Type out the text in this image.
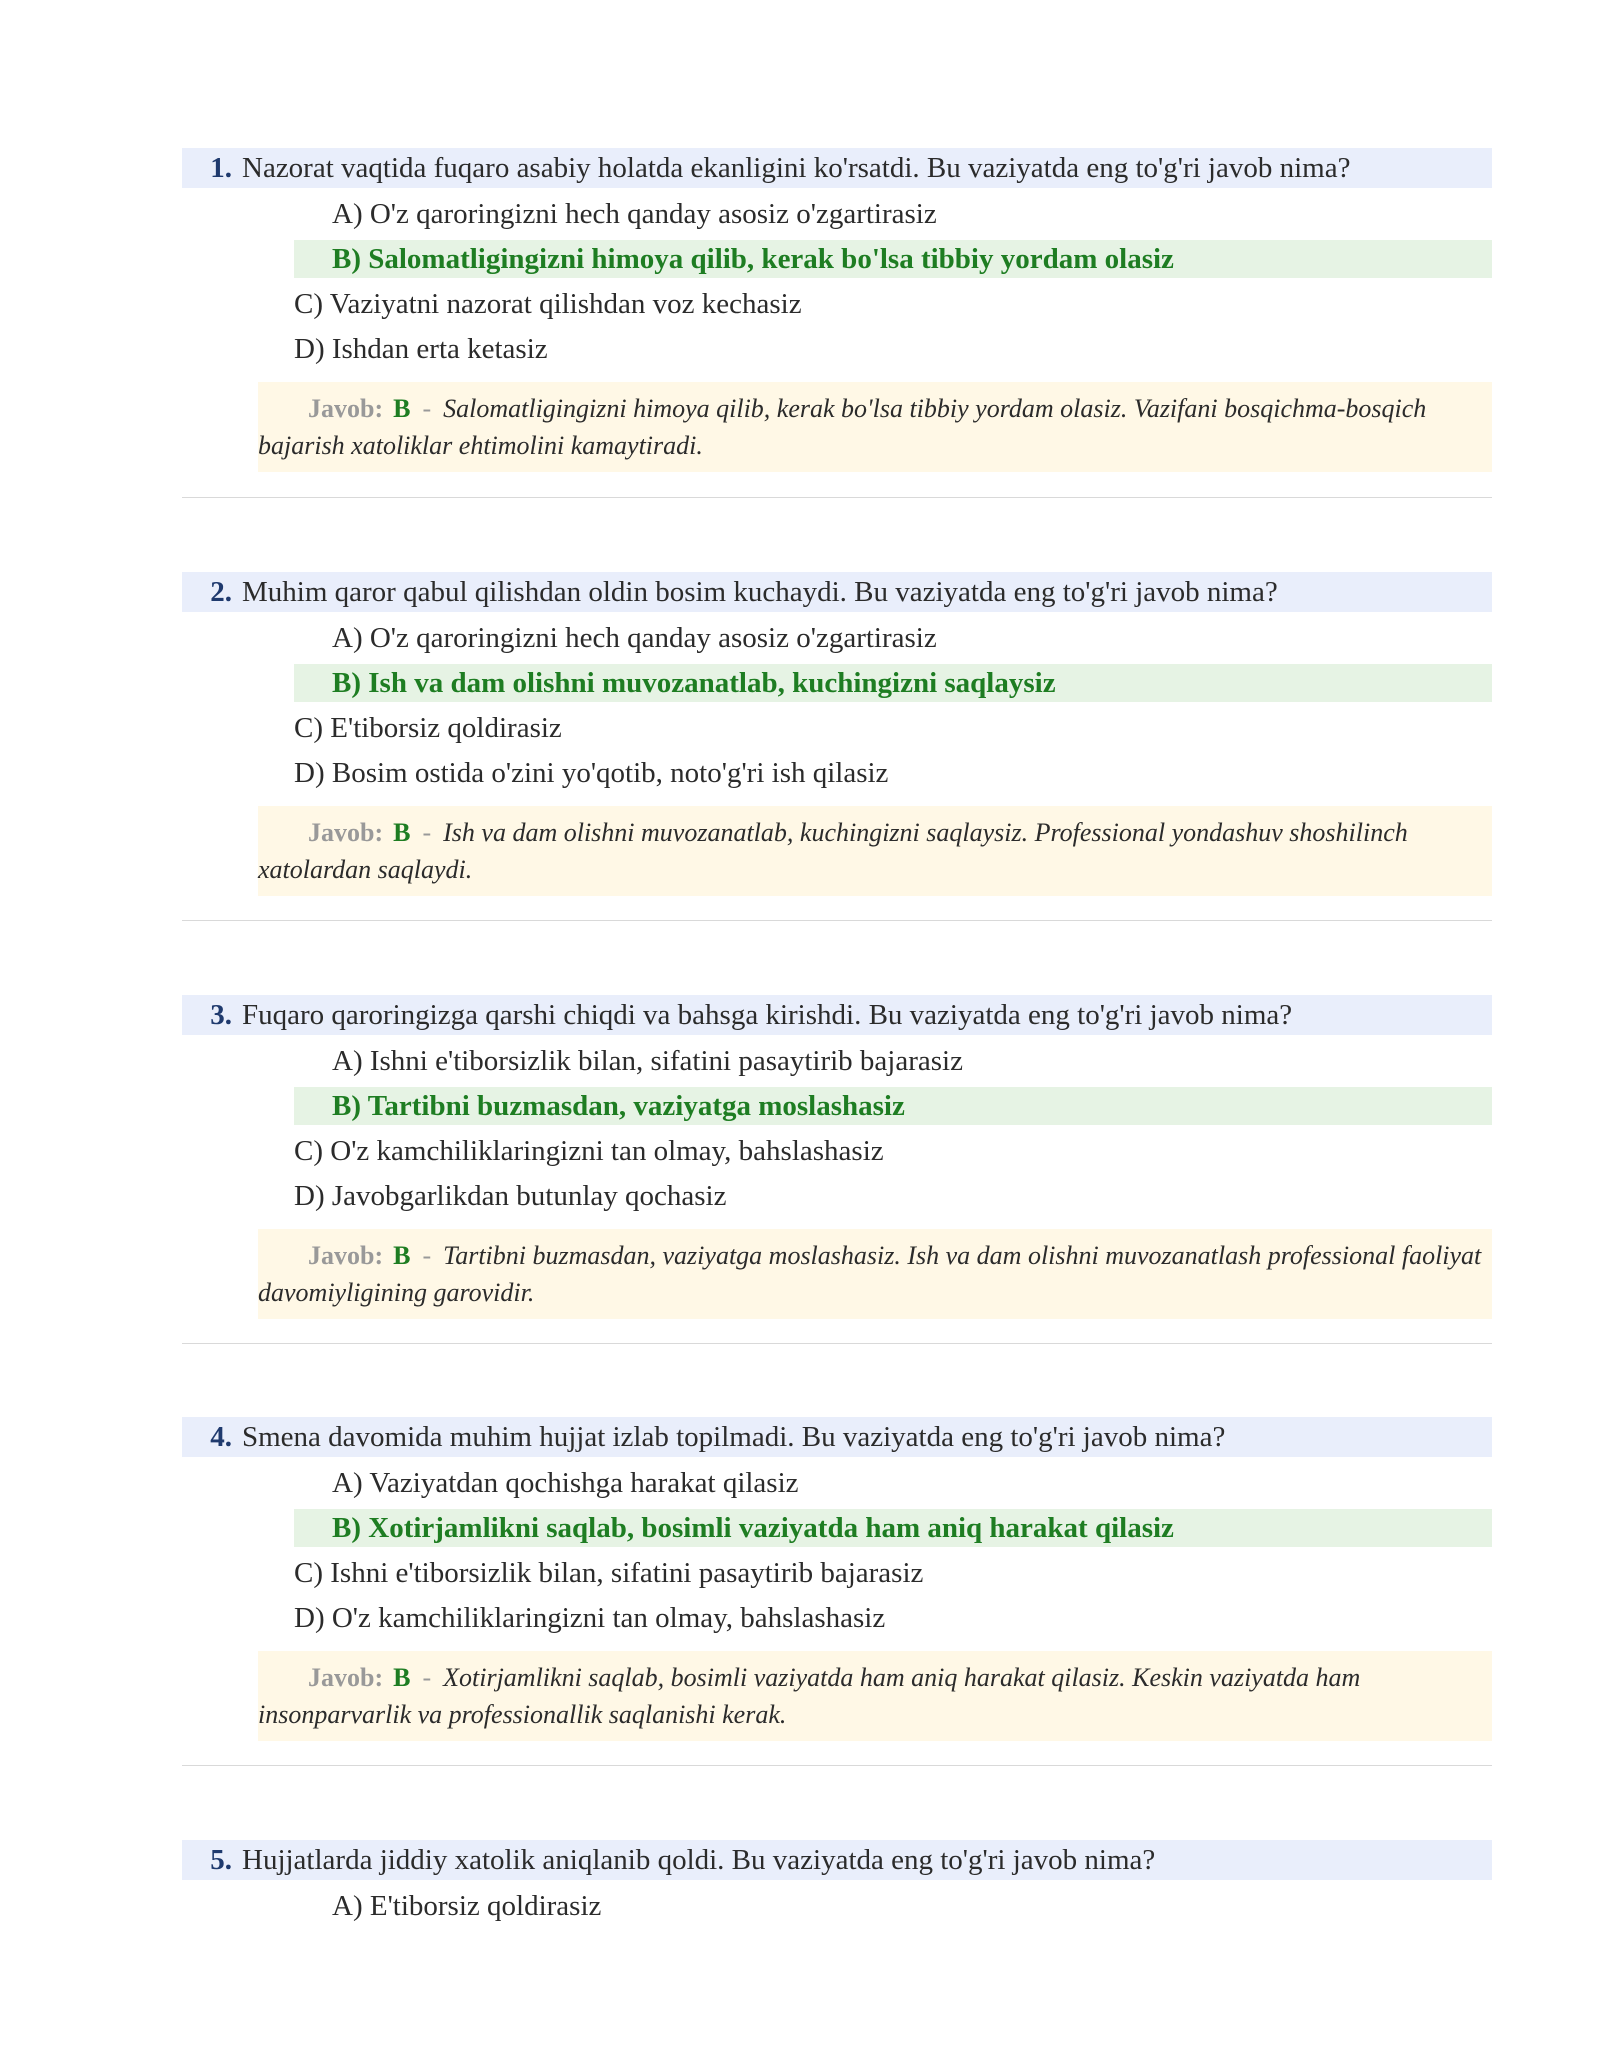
1. Nazorat vaqtida fuqaro asabiy holatda ekanligini ko'rsatdi. Bu vaziyatda eng to'g'ri javob nima?
A) O'z qaroringizni hech qanday asosiz o'zgartirasiz
B) Salomatligingizni himoya qilib, kerak bo'lsa tibbiy yordam olasiz
C) Vaziyatni nazorat qilishdan voz kechasiz
D) Ishdan erta ketasiz
Javob: B - Salomatligingizni himoya qilib, kerak bo'lsa tibbiy yordam olasiz. Vazifani bosqichma-bosqich bajarish xatoliklar ehtimolini kamaytiradi.
2. Muhim qaror qabul qilishdan oldin bosim kuchaydi. Bu vaziyatda eng to'g'ri javob nima?
A) O'z qaroringizni hech qanday asosiz o'zgartirasiz
B) Ish va dam olishni muvozanatlab, kuchingizni saqlaysiz
C) E'tiborsiz qoldirasiz
D) Bosim ostida o'zini yo'qotib, noto'g'ri ish qilasiz
Javob: B - Ish va dam olishni muvozanatlab, kuchingizni saqlaysiz. Professional yondashuv shoshilinch xatolardan saqlaydi.
3. Fuqaro qaroringizga qarshi chiqdi va bahsga kirishdi. Bu vaziyatda eng to'g'ri javob nima?
A) Ishni e'tiborsizlik bilan, sifatini pasaytirib bajarasiz
B) Tartibni buzmasdan, vaziyatga moslashasiz
C) O'z kamchiliklaringizni tan olmay, bahslashasiz
D) Javobgarlikdan butunlay qochasiz
Javob: B - Tartibni buzmasdan, vaziyatga moslashasiz. Ish va dam olishni muvozanatlash professional faoliyat davomiyligining garovidir.
4. Smena davomida muhim hujjat izlab topilmadi. Bu vaziyatda eng to'g'ri javob nima?
A) Vaziyatdan qochishga harakat qilasiz
B) Xotirjamlikni saqlab, bosimli vaziyatda ham aniq harakat qilasiz
C) Ishni e'tiborsizlik bilan, sifatini pasaytirib bajarasiz
D) O'z kamchiliklaringizni tan olmay, bahslashasiz
Javob: B - Xotirjamlikni saqlab, bosimli vaziyatda ham aniq harakat qilasiz. Keskin vaziyatda ham insonparvarlik va professionallik saqlanishi kerak.
5. Hujjatlarda jiddiy xatolik aniqlanib qoldi. Bu vaziyatda eng to'g'ri javob nima?
A) E'tiborsiz qoldirasiz
